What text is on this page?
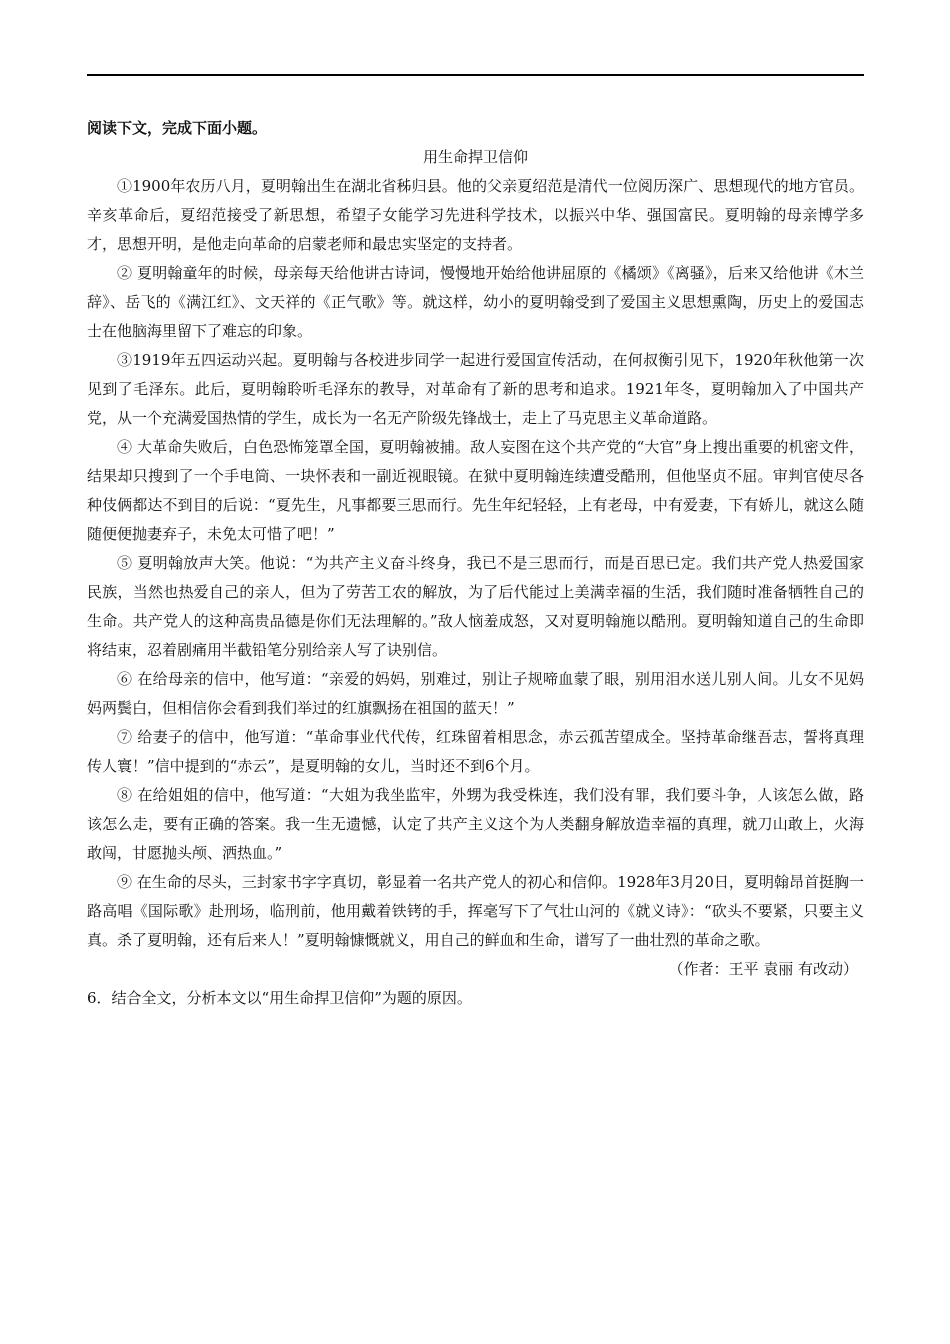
阅读下文，完成下面小题。

用生命捍卫信仰

①1900年农历八月，夏明翰出生在湖北省秭归县。他的父亲夏绍范是清代一位阅历深广、思想现代的地方官员。辛亥革命后，夏绍范接受了新思想，希望子女能学习先进科学技术，以振兴中华、强国富民。夏明翰的母亲博学多才，思想开明，是他走向革命的启蒙老师和最忠实坚定的支持者。

② 夏明翰童年的时候，母亲每天给他讲古诗词，慢慢地开始给他讲屈原的《橘颂》《离骚》，后来又给他讲《木兰辞》、岳飞的《满江红》、文天祥的《正气歌》等。就这样，幼小的夏明翰受到了爱国主义思想熏陶，历史上的爱国志士在他脑海里留下了难忘的印象。

③1919年五四运动兴起。夏明翰与各校进步同学一起进行爱国宣传活动，在何叔衡引见下，1920年秋他第一次见到了毛泽东。此后，夏明翰聆听毛泽东的教导，对革命有了新的思考和追求。1921年冬，夏明翰加入了中国共产党，从一个充满爱国热情的学生，成长为一名无产阶级先锋战士，走上了马克思主义革命道路。

④ 大革命失败后，白色恐怖笼罩全国，夏明翰被捕。敌人妄图在这个共产党的“大官”身上搜出重要的机密文件，结果却只搜到了一个手电筒、一块怀表和一副近视眼镜。在狱中夏明翰连续遭受酷刑，但他坚贞不屈。审判官使尽各种伎俩都达不到目的后说：“夏先生，凡事都要三思而行。先生年纪轻轻，上有老母，中有爱妻，下有娇儿，就这么随随便便抛妻弃子，未免太可惜了吧！”

⑤ 夏明翰放声大笑。他说：“为共产主义奋斗终身，我已不是三思而行，而是百思已定。我们共产党人热爱国家民族，当然也热爱自己的亲人，但为了劳苦工农的解放，为了后代能过上美满幸福的生活，我们随时准备牺牲自己的生命。共产党人的这种高贵品德是你们无法理解的。”敌人恼羞成怒，又对夏明翰施以酷刑。夏明翰知道自己的生命即将结束，忍着剧痛用半截铅笔分别给亲人写了诀别信。

⑥ 在给母亲的信中，他写道：“亲爱的妈妈，别难过，别让子规啼血蒙了眼，别用泪水送儿别人间。儿女不见妈妈两鬓白，但相信你会看到我们举过的红旗飘扬在祖国的蓝天！”

⑦ 给妻子的信中，他写道：“革命事业代代传，红珠留着相思念，赤云孤苦望成全。坚持革命继吾志，誓将真理传人寰！”信中提到的“赤云”，是夏明翰的女儿，当时还不到6个月。

⑧ 在给姐姐的信中，他写道：“大姐为我坐监牢，外甥为我受株连，我们没有罪，我们要斗争，人该怎么做，路该怎么走，要有正确的答案。我一生无遗憾，认定了共产主义这个为人类翻身解放造幸福的真理，就刀山敢上，火海敢闯，甘愿抛头颅、洒热血。”

⑨ 在生命的尽头，三封家书字字真切，彰显着一名共产党人的初心和信仰。1928年3月20日，夏明翰昂首挺胸一路高唱《国际歌》赴刑场，临刑前，他用戴着铁铐的手，挥毫写下了气壮山河的《就义诗》：“砍头不要紧，只要主义真。杀了夏明翰，还有后来人！”夏明翰慷慨就义，用自己的鲜血和生命，谱写了一曲壮烈的革命之歌。

（作者：王平 袁丽 有改动）

6．结合全文，分析本文以“用生命捍卫信仰”为题的原因。
